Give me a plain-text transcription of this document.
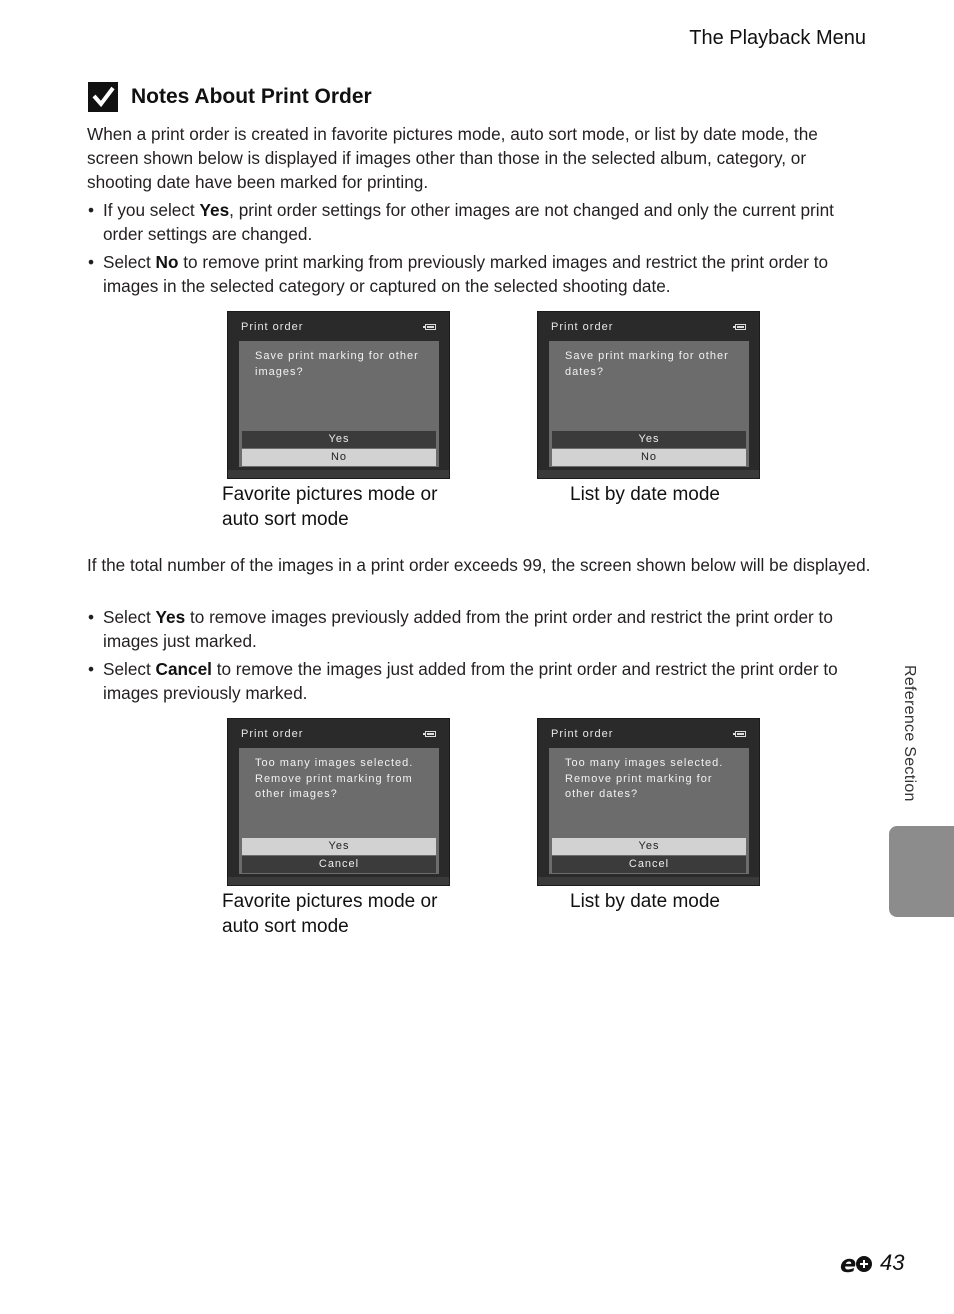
The Playback Menu
Notes About Print Order

When a print order is created in favorite pictures mode, auto sort mode, or list by date mode, the screen shown below is displayed if images other than those in the selected album, category, or shooting date have been marked for printing.

• If you select Yes, print order settings for other images are not changed and only the current print order settings are changed.
• Select No to remove print marking from previously marked images and restrict the print order to images in the selected category or captured on the selected shooting date.
Print order
Save print marking for other
images?
Yes
No
Favorite pictures mode or auto sort mode
Print order
Save print marking for other
dates?
Yes
No
List by date mode

If the total number of the images in a print order exceeds 99, the screen shown below will be displayed.

• Select Yes to remove images previously added from the print order and restrict the print order to images just marked.
• Select Cancel to remove the images just added from the print order and restrict the print order to images previously marked.
Print order
Too many images selected.
Remove print marking from
other images?
Yes
Cancel
Favorite pictures mode or auto sort mode
Print order
Too many images selected.
Remove print marking for
other dates?
Yes
Cancel
List by date mode
Reference Section
e 43
